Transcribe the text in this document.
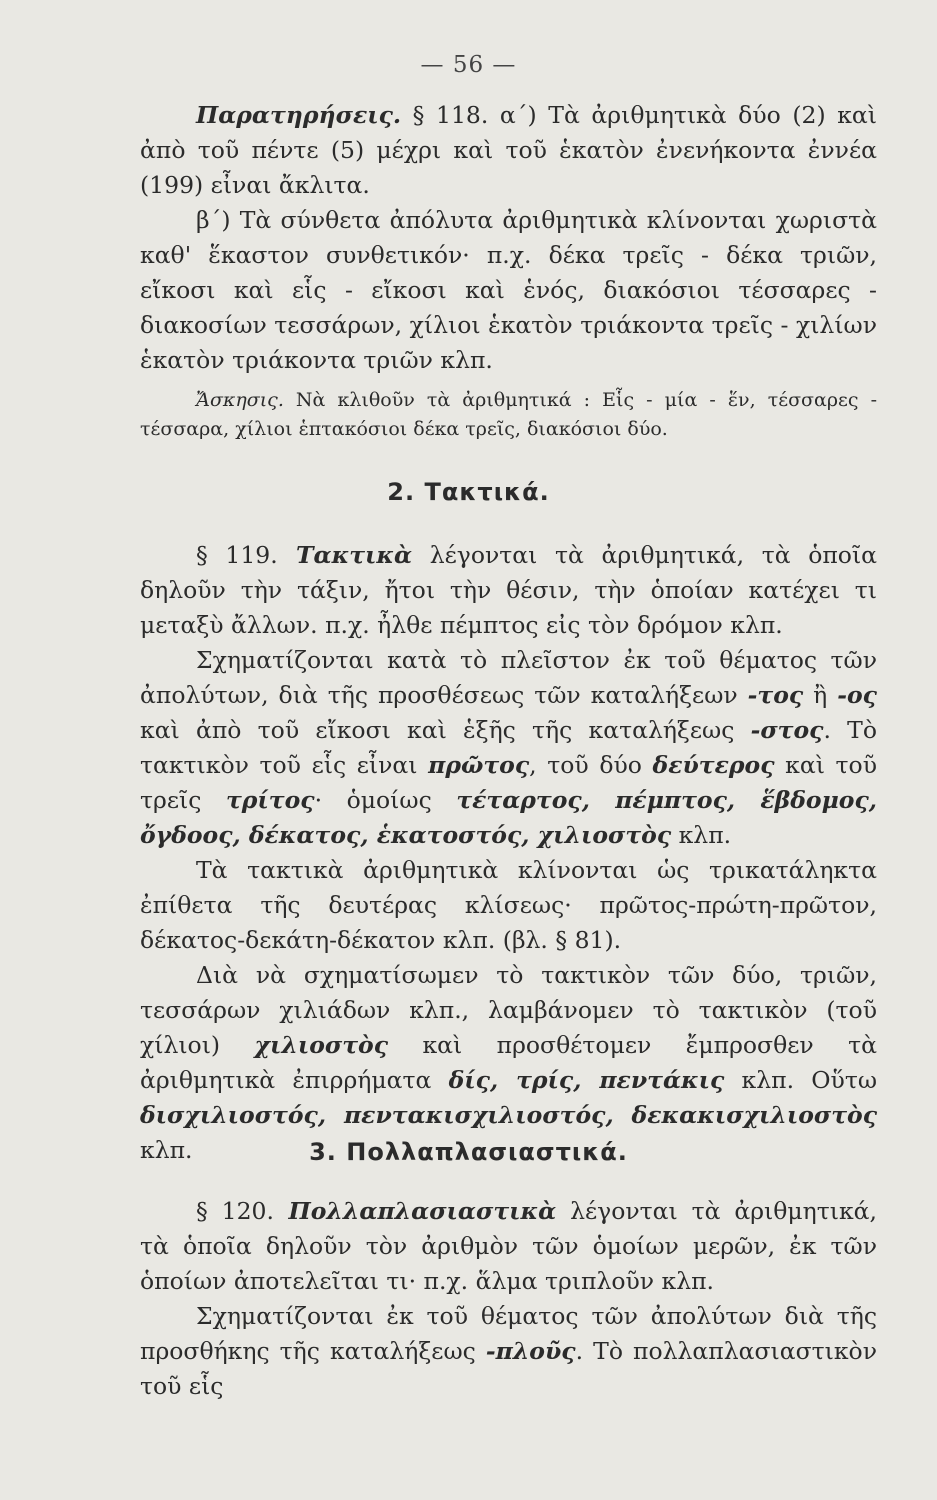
— 56 —

Παρατηρήσεις. § 118. α΄) Τὰ ἀριθμητικὰ δύο (2) καὶ ἀπὸ τοῦ πέντε (5) μέχρι καὶ τοῦ ἑκατὸν ἐνενήκοντα ἐννέα (199) εἶναι ἄκλιτα.

β΄) Τὰ σύνθετα ἀπόλυτα ἀριθμητικὰ κλίνονται χωριστὰ καθ' ἕκαστον συνθετικόν· π.χ. δέκα τρεῖς - δέκα τριῶν, εἴκοσι καὶ εἷς - εἴκοσι καὶ ἑνός, διακόσιοι τέσσαρες - διακοσίων τεσσάρων, χίλιοι ἑκατὸν τριάκοντα τρεῖς - χιλίων ἑκατὸν τριάκοντα τριῶν κλπ.

Ἄσκησις. Νὰ κλιθοῦν τὰ ἀριθμητικά : Εἷς - μία - ἕν, τέσσαρες - τέσσαρα, χίλιοι ἑπτακόσιοι δέκα τρεῖς, διακόσιοι δύο.

2. Τακτικά.

§ 119. Τακτικὰ λέγονται τὰ ἀριθμητικά, τὰ ὁποῖα δηλοῦν τὴν τάξιν, ἤτοι τὴν θέσιν, τὴν ὁποίαν κατέχει τι μεταξὺ ἄλλων. π.χ. ἦλθε πέμπτος εἰς τὸν δρόμον κλπ.

Σχηματίζονται κατὰ τὸ πλεῖστον ἐκ τοῦ θέματος τῶν ἀπολύτων, διὰ τῆς προσθέσεως τῶν καταλήξεων -τος ἢ -ος καὶ ἀπὸ τοῦ εἴκοσι καὶ ἑξῆς τῆς καταλήξεως -στος. Τὸ τακτικὸν τοῦ εἷς εἶναι πρῶτος, τοῦ δύο δεύτερος καὶ τοῦ τρεῖς τρίτος· ὁμοίως τέταρτος, πέμπτος, ἕβδομος, ὄγδοος, δέκατος, ἑκατοστός, χιλιοστὸς κλπ.

Τὰ τακτικὰ ἀριθμητικὰ κλίνονται ὡς τρικατάληκτα ἐπίθετα τῆς δευτέρας κλίσεως· πρῶτος-πρώτη-πρῶτον, δέκατος-δεκάτη-δέκατον κλπ. (βλ. § 81).

Διὰ νὰ σχηματίσωμεν τὸ τακτικὸν τῶν δύο, τριῶν, τεσσάρων χιλιάδων κλπ., λαμβάνομεν τὸ τακτικὸν (τοῦ χίλιοι) χιλιοστὸς καὶ προσθέτομεν ἔμπροσθεν τὰ ἀριθμητικὰ ἐπιρρήματα δίς, τρίς, πεντάκις κλπ. Οὕτω δισχιλιοστός, πεντακισχιλιοστός, δεκακισχιλιοστὸς κλπ.	3. Πολλαπλασιαστικά.

§ 120. Πολλαπλασιαστικὰ λέγονται τὰ ἀριθμητικά, τὰ ὁποῖα δηλοῦν τὸν ἀριθμὸν τῶν ὁμοίων μερῶν, ἐκ τῶν ὁποίων ἀποτελεῖται τι· π.χ. ἅλμα τριπλοῦν κλπ.

Σχηματίζονται ἐκ τοῦ θέματος τῶν ἀπολύτων διὰ τῆς προσθήκης τῆς καταλήξεως -πλοῦς. Τὸ πολλαπλασιαστικὸν τοῦ εἷς
